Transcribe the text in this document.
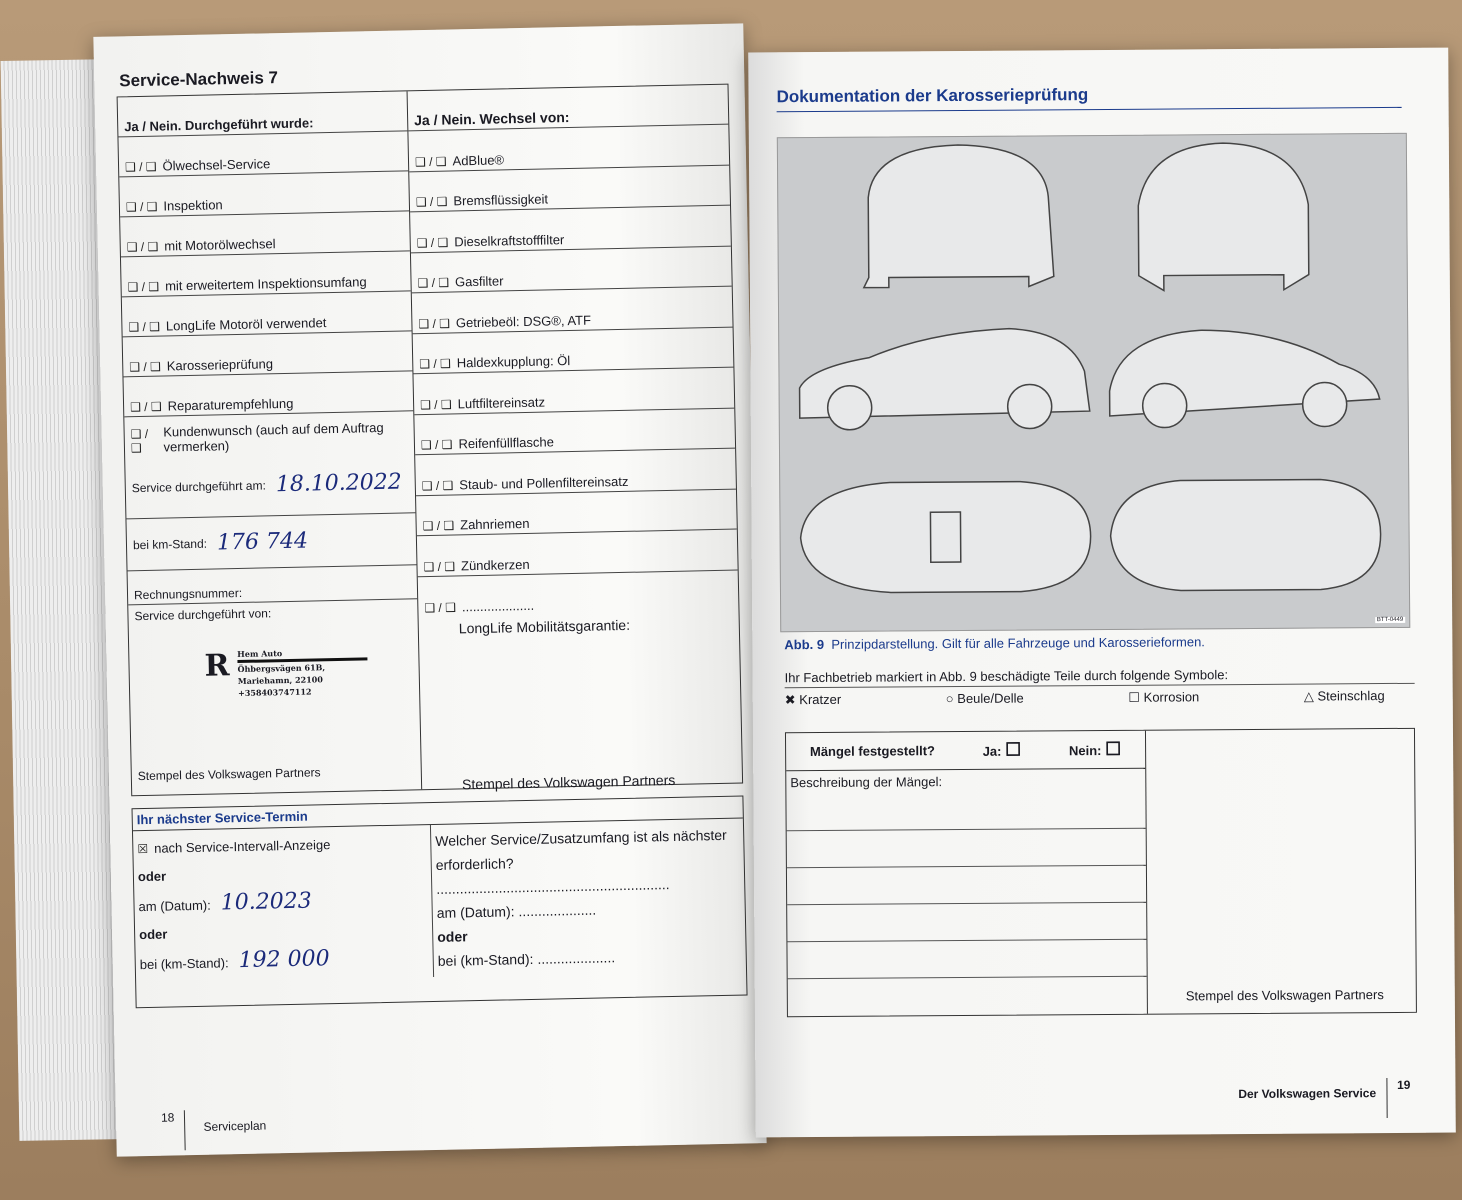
Service-Nachweis 7
Ja / Nein. Durchgeführt wurde:
❑ / ❑ Ölwechsel-Service
❑ / ❑ Inspektion
❑ / ❑ mit Motorölwechsel
❑ / ❑ mit erweitertem Inspektionsumfang
❑ / ❑ LongLife Motoröl verwendet
❑ / ❑ Karosserieprüfung
❑ / ❑ Reparaturempfehlung
❑ / ❑
Kundenwunsch (auch auf dem Auftrag vermerken)
Service durchgeführt am: 18.10.2022
bei km-Stand: 176 744
Rechnungsnummer:
Service durchgeführt von:
R Hem Auto
Öhbergsvägen 61B, Mariehamn, 22100
+358403747112
Stempel des Volkswagen Partners
Ja / Nein. Wechsel von:
❑ / ❑ AdBlue®
❑ / ❑ Bremsflüssigkeit
❑ / ❑ Dieselkraftstofffilter
❑ / ❑ Gasfilter
❑ / ❑ Getriebeöl: DSG®, ATF
❑ / ❑ Haldexkupplung: Öl
❑ / ❑ Luftfiltereinsatz
❑ / ❑ Reifenfüllflasche
❑ / ❑ Staub- und Pollenfiltereinsatz
❑ / ❑ Zahnriemen
❑ / ❑ Zündkerzen
❑ / ❑ ....................
LongLife Mobilitätsgarantie:
Stempel des Volkswagen Partners
Ihr nächster Service-Termin
☒ nach Service-Intervall-Anzeige
oder
am (Datum): 10.2023
oder
bei (km-Stand): 192 000
Welcher Service/Zusatzumfang ist als nächster erforderlich?
............................................................
am (Datum): ....................
oder
bei (km-Stand): ....................
18
Serviceplan
Dokumentation der Karosserieprüfung
BTT-0449
Abb. 9 Prinzipdarstellung. Gilt für alle Fahrzeuge und Karosserieformen.
Ihr Fachbetrieb markiert in Abb. 9 beschädigte Teile durch folgende Symbole:
✖ Kratzer	○ Beule/Delle	☐ Korrosion	△ Steinschlag
Mängel festgestellt?	Ja: ☐	Nein: ☐
Beschreibung der Mängel:
Stempel des Volkswagen Partners
Der Volkswagen Service
19
